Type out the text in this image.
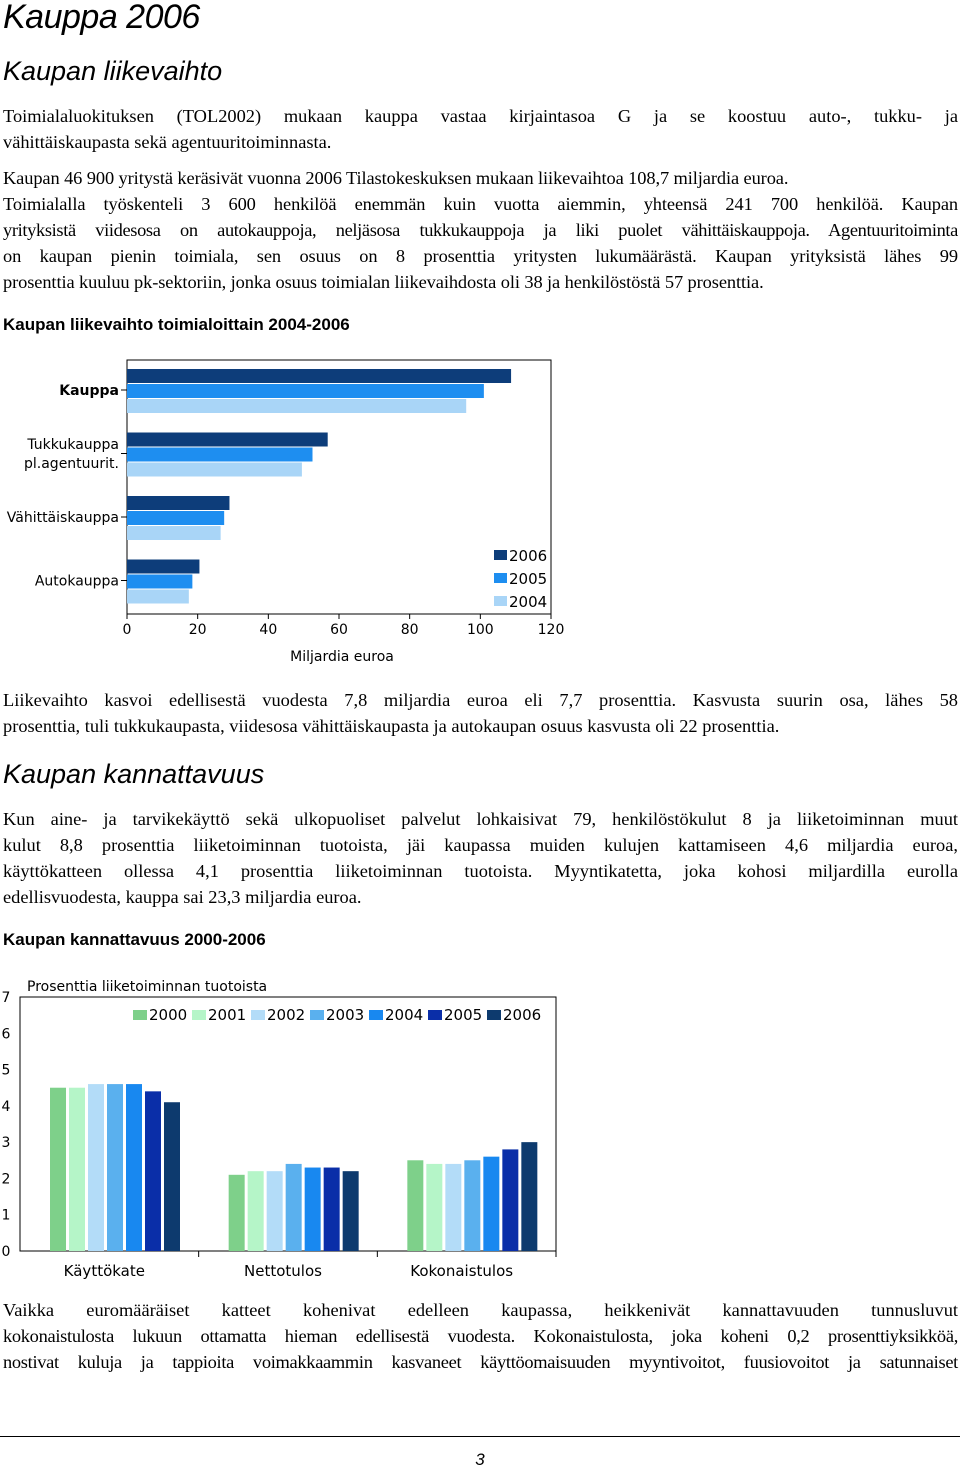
Kauppa 2006
Kaupan liikevaihto
Toimialaluokituksen (TOL2002) mukaan kauppa vastaa kirjaintasoa G ja se koostuu auto-, tukku- ja
vähittäiskaupasta sekä agentuuritoiminnasta.
Kaupan 46 900 yritystä keräsivät vuonna 2006 Tilastokeskuksen mukaan liikevaihtoa 108,7 miljardia euroa.
Toimialalla työskenteli 3 600 henkilöä enemmän kuin vuotta aiemmin, yhteensä 241 700 henkilöä. Kaupan
yrityksistä viidesosa on autokauppoja, neljäsosa tukkukauppoja ja liki puolet vähittäiskauppoja. Agentuuritoiminta
on kaupan pienin toimiala, sen osuus on 8 prosenttia yritysten lukumäärästä. Kaupan yrityksistä lähes 99
prosenttia kuuluu pk-sektoriin, jonka osuus toimialan liikevaihdosta oli 38 ja henkilöstöstä 57 prosenttia.
Kaupan liikevaihto toimialoittain 2004-2006
0	20	40	60	80	100	120
Miljardia euroa
Kauppa
Tukkukauppa
pl.agentuurit.
Vähittäiskauppa
Autokauppa
2006
2005
2004
Liikevaihto kasvoi edellisestä vuodesta 7,8 miljardia euroa eli 7,7 prosenttia. Kasvusta suurin osa, lähes 58
prosenttia, tuli tukkukaupasta, viidesosa vähittäiskaupasta ja autokaupan osuus kasvusta oli 22 prosenttia.
Kaupan kannattavuus
Kun aine- ja tarvikekäyttö sekä ulkopuoliset palvelut lohkaisivat 79, henkilöstökulut 8 ja liiketoiminnan muut
kulut 8,8 prosenttia liiketoiminnan tuotoista, jäi kaupassa muiden kulujen kattamiseen 4,6 miljardia euroa,
käyttökatteen ollessa 4,1 prosenttia liiketoiminnan tuotoista. Myyntikatetta, joka kohosi miljardilla eurolla
edellisvuodesta, kauppa sai 23,3 miljardia euroa.
Kaupan kannattavuus 2000-2006
Prosenttia liiketoiminnan tuotoista
0
1
2
3
4
5
6
7
2000 2001 2002 2003 2004 2005 2006
Käyttökate	Nettotulos	Kokonaistulos
Vaikka euromääräiset katteet kohenivat edelleen kaupassa, heikkenivät kannattavuuden tunnusluvut
kokonaistulosta lukuun ottamatta hieman edellisestä vuodesta. Kokonaistulosta, joka koheni 0,2 prosenttiyksikköä,
nostivat kuluja ja tappioita voimakkaammin kasvaneet käyttöomaisuuden myyntivoitot, fuusiovoitot ja satunnaiset
3
